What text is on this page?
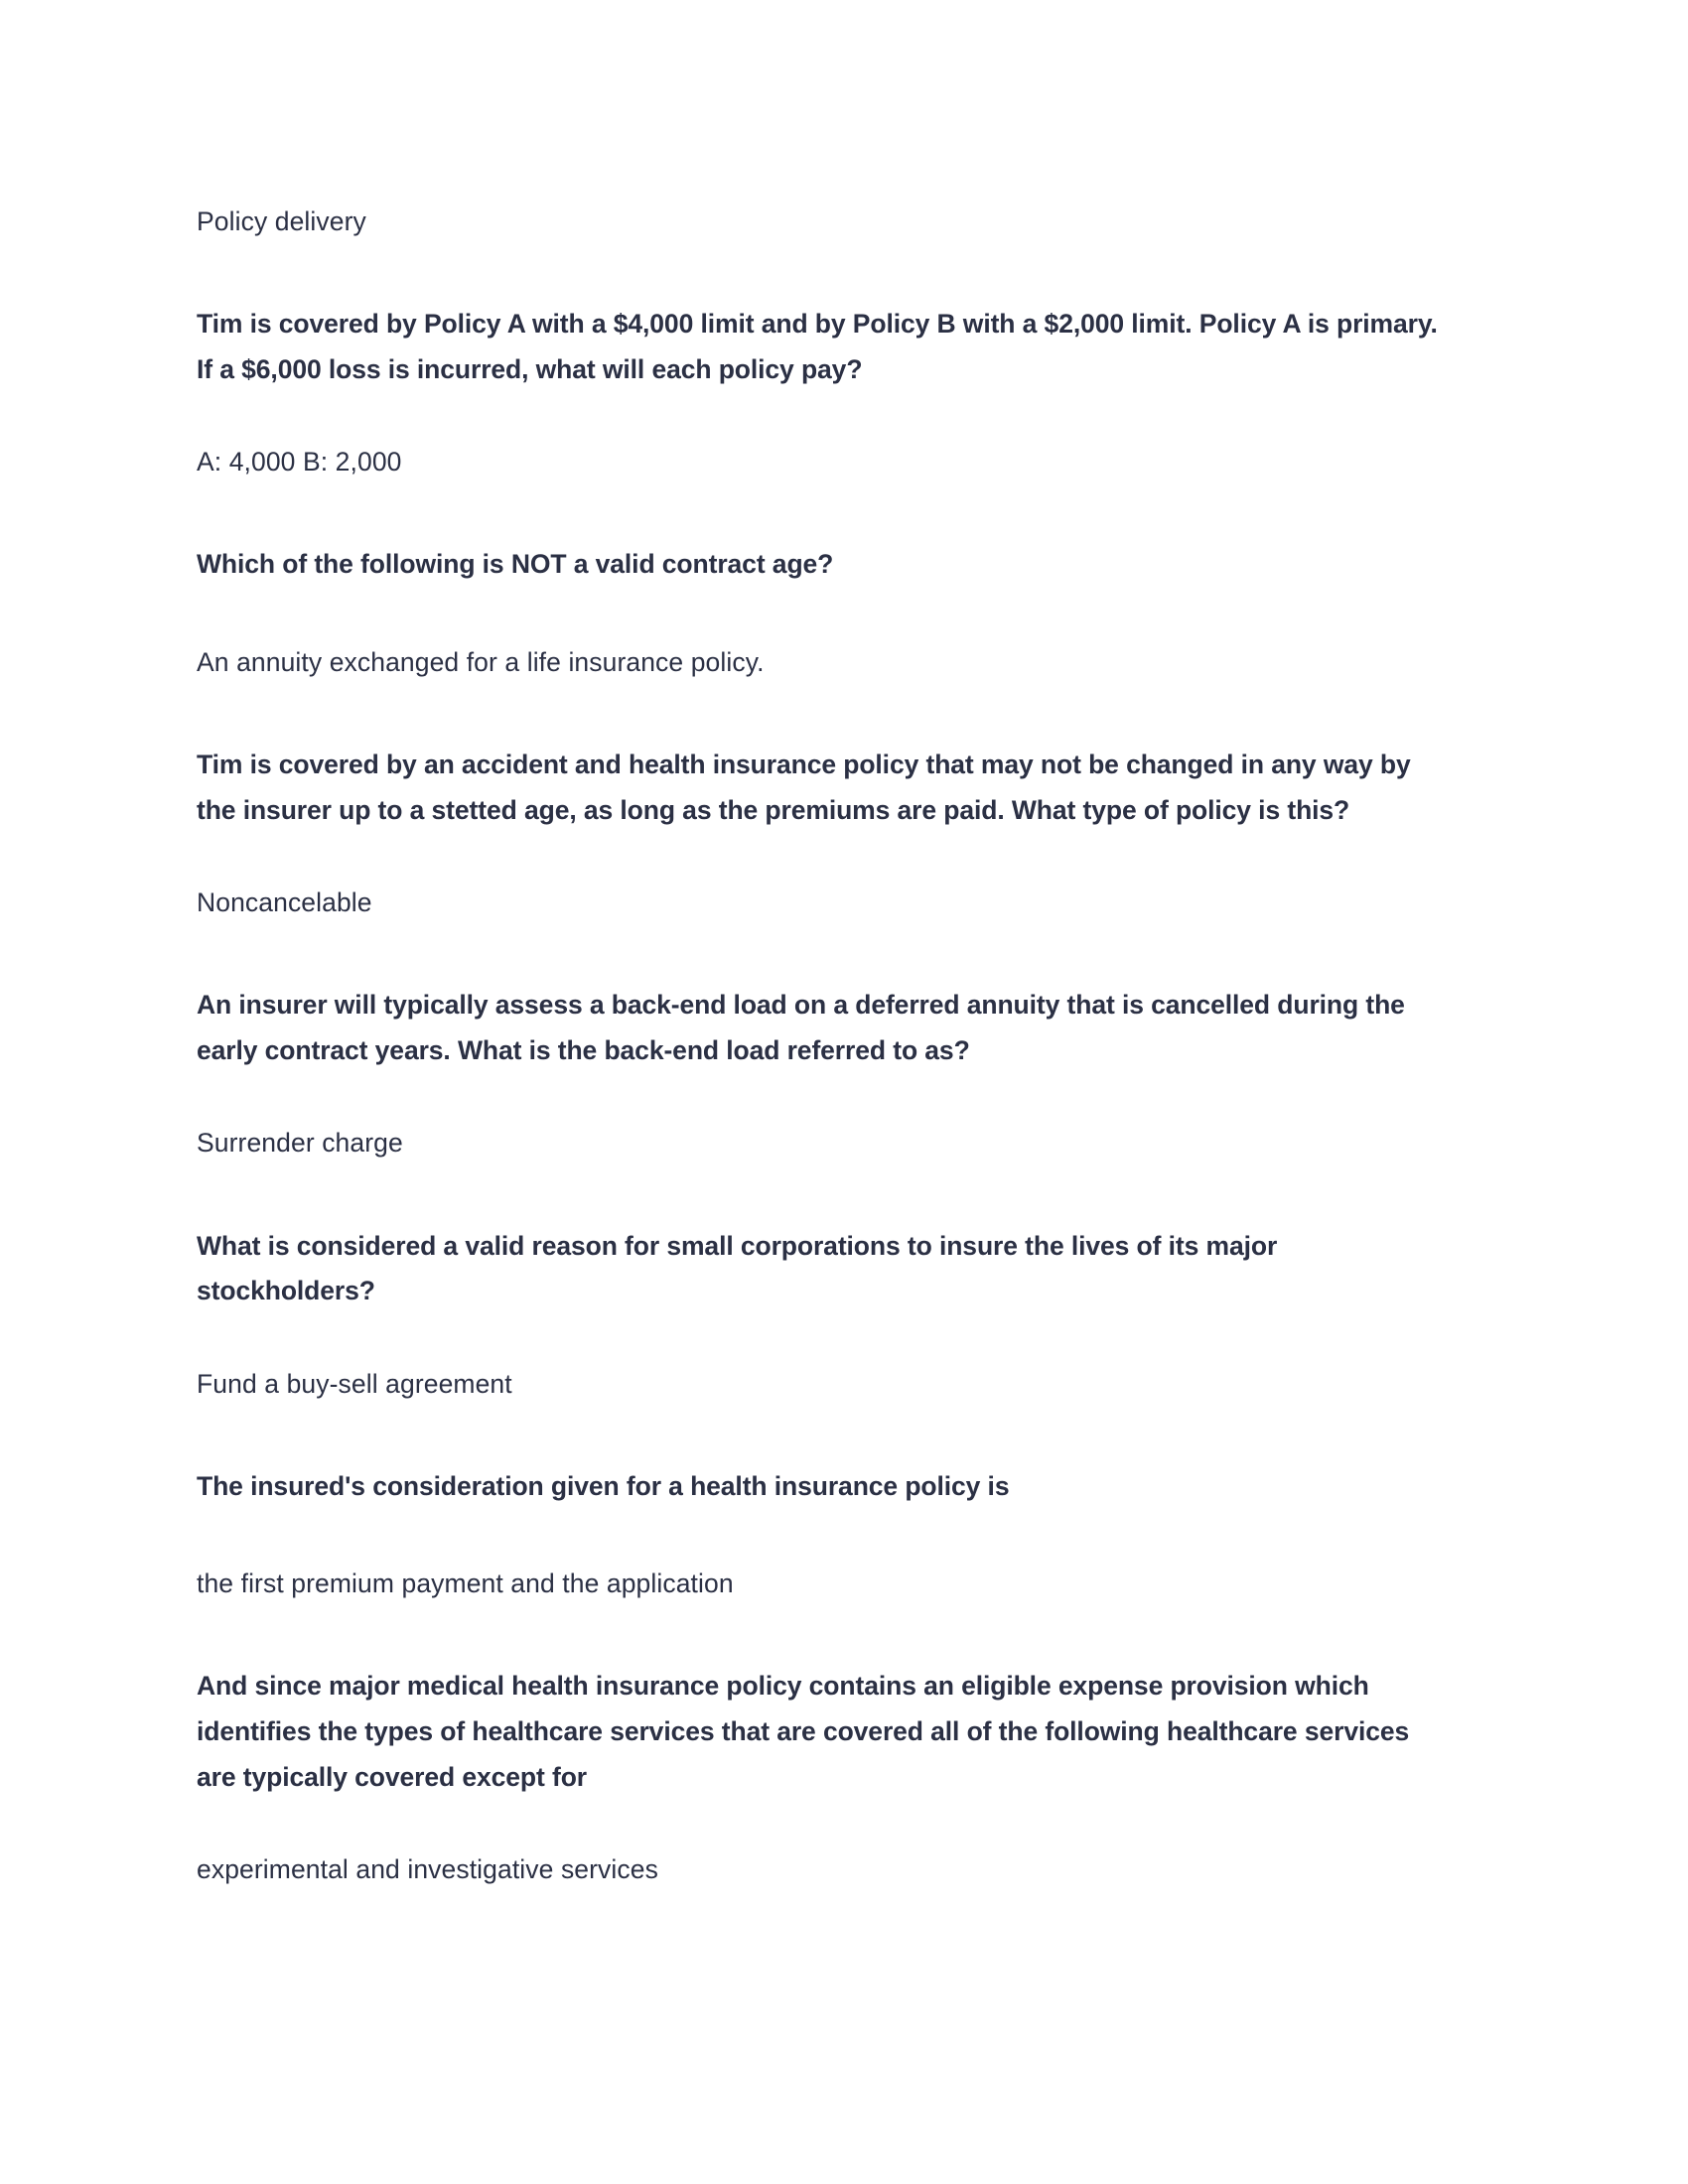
Policy delivery

Tim is covered by Policy A with a $4,000 limit and by Policy B with a $2,000 limit. Policy A is primary. If a $6,000 loss is incurred, what will each policy pay?

A: 4,000 B: 2,000

Which of the following is NOT a valid contract age?

An annuity exchanged for a life insurance policy.

Tim is covered by an accident and health insurance policy that may not be changed in any way by the insurer up to a stetted age, as long as the premiums are paid. What type of policy is this?

Noncancelable

An insurer will typically assess a back-end load on a deferred annuity that is cancelled during the early contract years. What is the back-end load referred to as?

Surrender charge

What is considered a valid reason for small corporations to insure the lives of its major stockholders?

Fund a buy-sell agreement

The insured's consideration given for a health insurance policy is

the first premium payment and the application

And since major medical health insurance policy contains an eligible expense provision which identifies the types of healthcare services that are covered all of the following healthcare services are typically covered except for

experimental and investigative services
